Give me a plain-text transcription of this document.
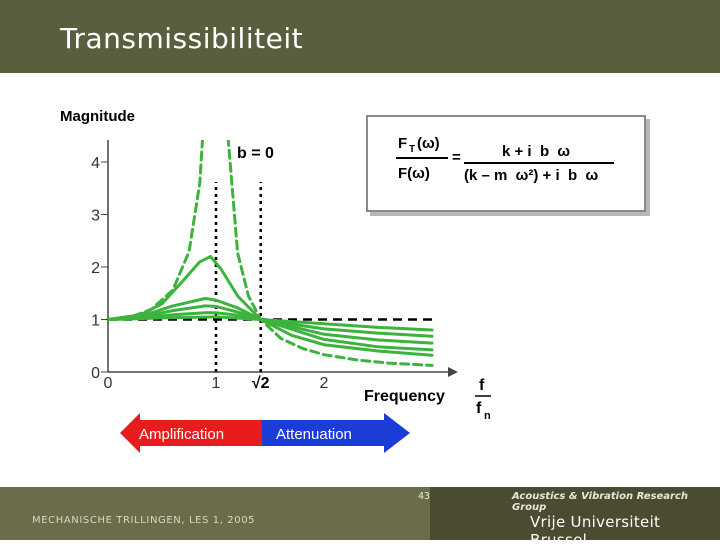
Transmissibiliteit
Magnitude
0	1 √2	2
0
1
2
3
4
b = 0
Frequency
f
f n
Amplification	Attenuation
F T (ω)
F(ω)
=	k + i  b  ω
(k – m  ω²) + i  b  ω
43
MECHANISCHE TRILLINGEN, LES 1, 2005
Acoustics & Vibration Research Group
Vrije Universiteit Brussel
